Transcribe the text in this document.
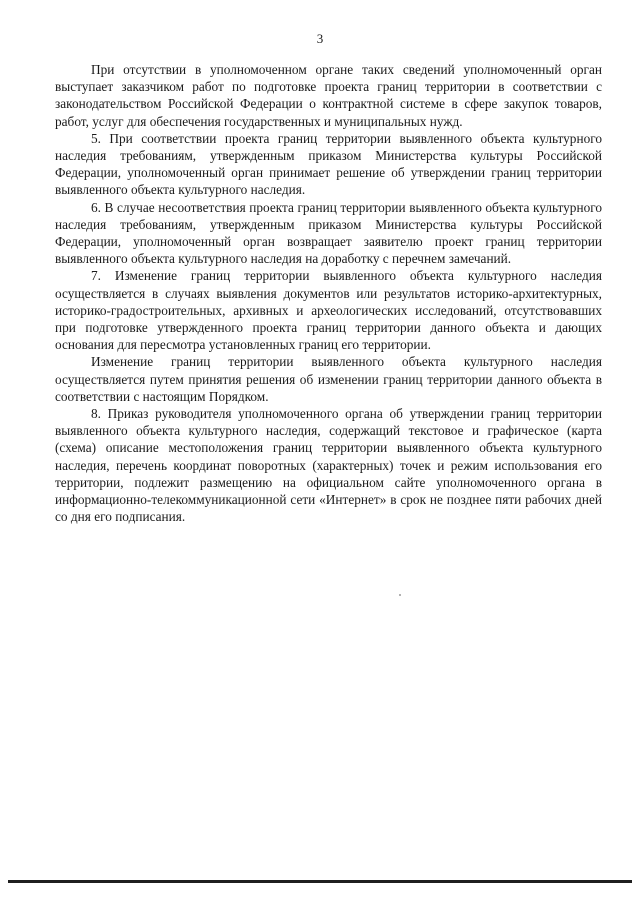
3

При отсутствии в уполномоченном органе таких сведений уполномоченный орган выступает заказчиком работ по подготовке проекта границ территории в соответствии с законодательством Российской Федерации о контрактной системе в сфере закупок товаров, работ, услуг для обеспечения государственных и муниципальных нужд.

5. При соответствии проекта границ территории выявленного объекта культурного наследия требованиям, утвержденным приказом Министерства культуры Российской Федерации, уполномоченный орган принимает решение об утверждении границ территории выявленного объекта культурного наследия.

6. В случае несоответствия проекта границ территории выявленного объекта культурного наследия требованиям, утвержденным приказом Министерства культуры Российской Федерации, уполномоченный орган возвращает заявителю проект границ территории выявленного объекта культурного наследия на доработку с перечнем замечаний.

7. Изменение границ территории выявленного объекта культурного наследия осуществляется в случаях выявления документов или результатов историко-архитектурных, историко-градостроительных, архивных и археологических исследований, отсутствовавших при подготовке утвержденного проекта границ территории данного объекта и дающих основания для пересмотра установленных границ его территории.

Изменение границ территории выявленного объекта культурного наследия осуществляется путем принятия решения об изменении границ территории данного объекта в соответствии с настоящим Порядком.

8. Приказ руководителя уполномоченного органа об утверждении границ территории выявленного объекта культурного наследия, содержащий текстовое и графическое (карта (схема) описание местоположения границ территории выявленного объекта культурного наследия, перечень координат поворотных (характерных) точек и режим использования его территории, подлежит размещению на официальном сайте уполномоченного органа в информационно-телекоммуникационной сети «Интернет» в срок не позднее пяти рабочих дней со дня его подписания.
